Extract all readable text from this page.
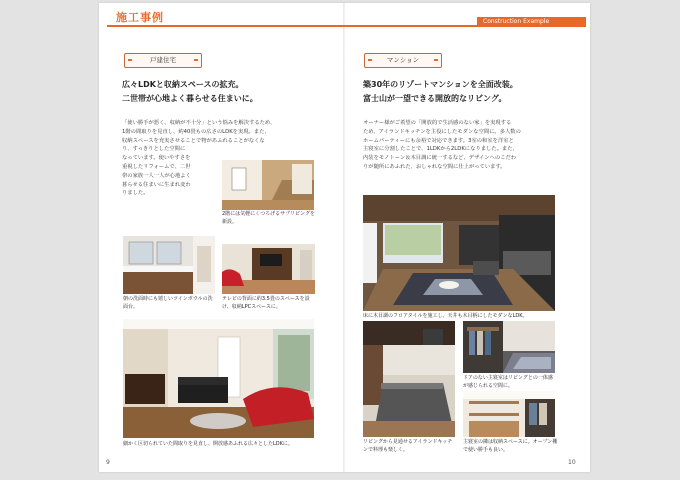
施工事例	Construction Example
戸建住宅
広々LDKと収納スペースの拡充。
二世帯が心地よく暮らせる住まいに。
「使い勝手が悪く、収納が不十分」という悩みを解決するため、
1階の間取りを見直し、約40畳もの広さのLDKを実現。また、
収納スペースを充実させることで物があふれることがなくな
り、すっきりとした空間に
なっています。使いやすさを
重視したリフォームで、二世
帯の家族一人一人が心地よく
暮らせる住まいに生まれ変わ
りました。
2階には気軽にくつろげるサブリビングを新設。
朝の洗面時にも嬉しいツインボウルの洗面台。
テレビの背面に約3.5畳のスペースを設け、収納LPCスペースに。
細かく区切られていた間取りを見直し、開放感あふれる広々としたLDKに。
9
マンション
築30年のリゾートマンションを全面改装。
富士山が一望できる開放的なリビング。
オーナー様がご希望の「開放的で生活感のない家」を実現する
ため、アイランドキッチンを主役にしたモダンな空間に。多人数の
ホームパーティーにも余裕で対応できます。3室の和室を洋室と
主寝室に分割したことで、1LDKから2LDKになりました。また、
内装をモノトーン＆木目調に統一するなど、デザインへのこだわ
りが随所にあふれた、おしゃれな空間に仕上がっています。
床に木目調のフロアタイルを施工し、天井も木目柄にしたモダンなLDK。
リビングから見通せるアイランドキッチンで料理も楽しく。
ドアのない主寝室はリビングとの一体感が感じられる空間に。
主寝室の隣は収納スペースに。オープン棚で使い勝手も良い。
10
